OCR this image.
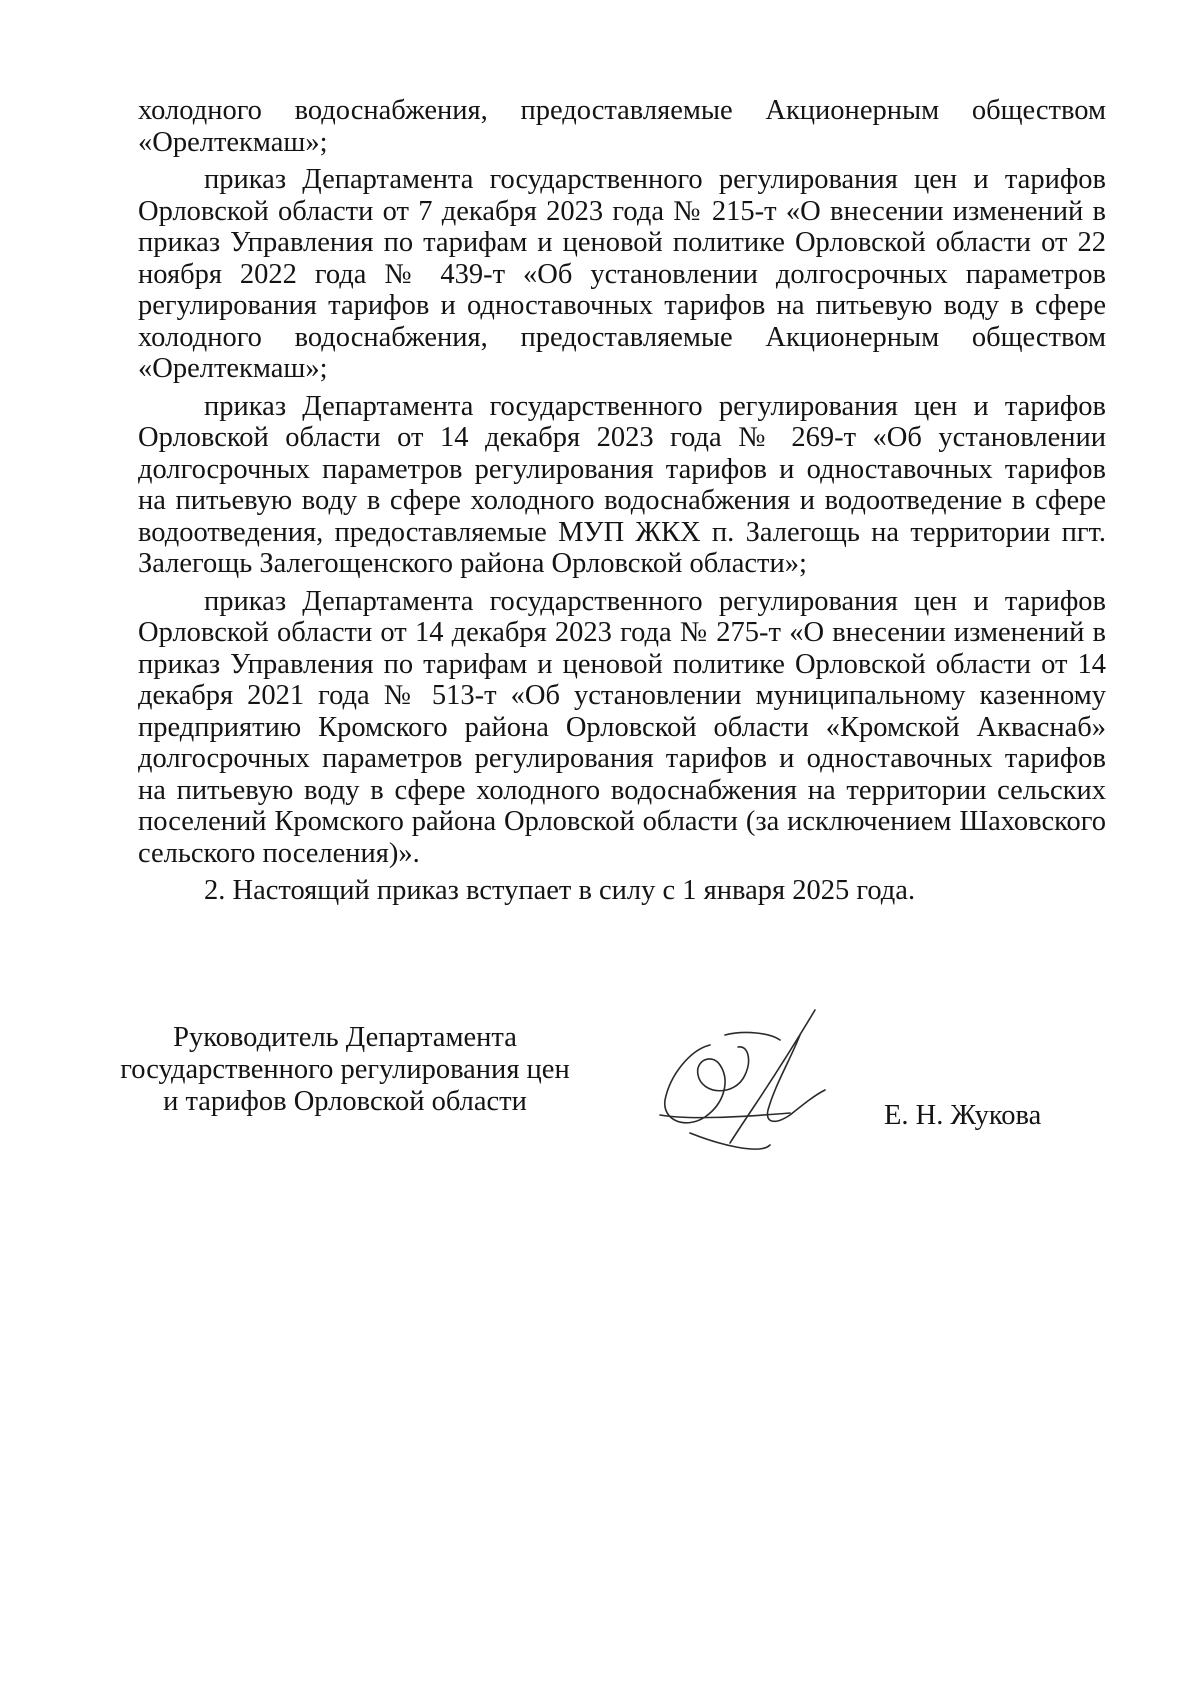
холодного водоснабжения, предоставляемые Акционерным обществом «Орелтекмаш»;

приказ Департамента государственного регулирования цен и тарифов Орловской области от 7 декабря 2023 года № 215-т «О внесении изменений в приказ Управления по тарифам и ценовой политике Орловской области от 22 ноября 2022 года № 439-т «Об установлении долгосрочных параметров регулирования тарифов и одноставочных тарифов на питьевую воду в сфере холодного водоснабжения, предоставляемые Акционерным обществом «Орелтекмаш»;

приказ Департамента государственного регулирования цен и тарифов Орловской области от 14 декабря 2023 года № 269-т «Об установлении долгосрочных параметров регулирования тарифов и одноставочных тарифов на питьевую воду в сфере холодного водоснабжения и водоотведение в сфере водоотведения, предоставляемые МУП ЖКХ п. Залегощь на территории пгт. Залегощь Залегощенского района Орловской области»;

приказ Департамента государственного регулирования цен и тарифов Орловской области от 14 декабря 2023 года № 275-т «О внесении изменений в приказ Управления по тарифам и ценовой политике Орловской области от 14 декабря 2021 года № 513-т «Об установлении муниципальному казенному предприятию Кромского района Орловской области «Кромской Акваснаб» долгосрочных параметров регулирования тарифов и одноставочных тарифов на питьевую воду в сфере холодного водоснабжения на территории сельских поселений Кромского района Орловской области (за исключением Шаховского сельского поселения)».

2. Настоящий приказ вступает в силу с 1 января 2025 года.

Руководитель Департамента
государственного регулирования цен
и тарифов Орловской области	Е. Н. Жукова
